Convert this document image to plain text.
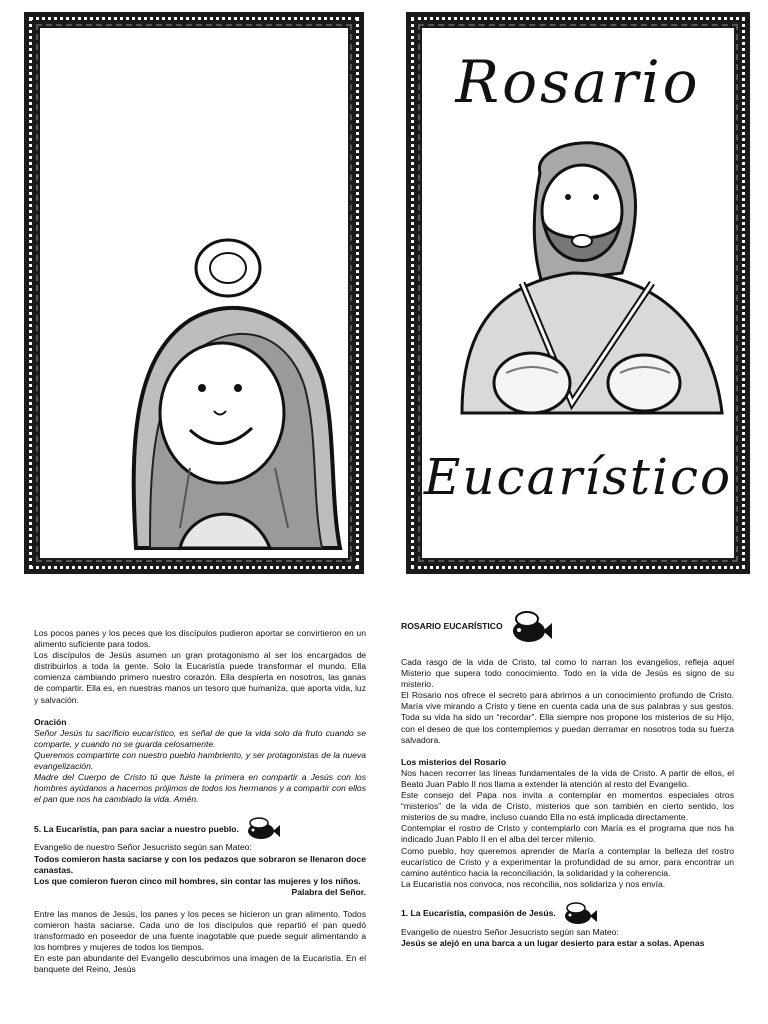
Rosario
Eucarístico

Los pocos panes y los peces que los discípulos pudieron aportar se convirtieron en un alimento suficiente para todos.

Los discípulos de Jesús asumen un gran protagonismo al ser los encargados de distribuirlos a toda la gente. Solo la Eucaristía puede transformar el mundo. Ella comienza cambiando primero nuestro corazón. Ella despierta en nosotros, las ganas de compartir. Ella es, en nuestras manos un tesoro que humaniza, que aporta vida, luz y salvación.

Oración

Señor Jesús tu sacrificio eucarístico, es señal de que la vida solo da fruto cuando se comparte, y cuando no se guarda celosamente.

Queremos compartirte con nuestro pueblo hambriento, y ser protagonistas de la nueva evangelización.

Madre del Cuerpo de Cristo tú que fuiste la primera en compartir a Jesús con los hombres ayúdanos a hacernos prójimos de todos los hermanos y a compartir con ellos el pan que nos ha cambiado la vida. Amén.

5. La Eucaristía, pan para saciar a nuestro pueblo.

Evangelio de nuestro Señor Jesucristo según san Mateo:

Todos comieron hasta saciarse y con los pedazos que sobraron se llenaron doce canastas.

Los que comieron fueron cinco mil hombres, sin contar las mujeres y los niños.

Palabra del Señor.

Entre las manos de Jesús, los panes y los peces se hicieron un gran alimento. Todos comieron hasta saciarse. Cada uno de los discípulos que repartió el pan quedó transformado en poseedor de una fuente inagotable que puede seguir alimentando a los hombres y mujeres de todos los tiempos.

En este pan abundante del Evangelio descubrimos una imagen de la Eucaristía. En el banquete del Reino, Jesús

ROSARIO EUCARÍSTICO

Cada rasgo de la vida de Cristo, tal como lo narran los evangelios, refleja aquel Misterio que supera todo conocimiento. Todo en la vida de Jesús es signo de su misterio.

El Rosario nos ofrece el secreto para abrirnos a un conocimiento profundo de Cristo. María vive mirando a Cristo y tiene en cuenta cada una de sus palabras y sus gestos. Toda su vida ha sido un “recordar”. Ella siempre nos propone los misterios de su Hijo, con el deseo de que los contemplemos y puedan derramar en nosotros toda su fuerza salvadora.

Los misterios del Rosario

Nos hacen recorrer las líneas fundamentales de la vida de Cristo. A partir de ellos, el Beato Juan Pablo II nos llama a extender la atención al resto del Evangelio.

Este consejo del Papa nos invita a contemplar en momentos especiales otros “misterios” de la vida de Cristo, misterios que son también en cierto sentido, los misterios de su madre, incluso cuando Ella no está implicada directamente.

Contemplar el rostro de Cristo y contemplarlo con María es el programa que nos ha indicado Juan Pablo II en el alba del tercer milenio.

Como pueblo, hoy queremos aprender de María a contemplar la belleza del rostro eucarístico de Cristo y a experimentar la profundidad de su amor, para encontrar un camino auténtico hacia la reconciliación, la solidaridad y la coherencia.

La Eucaristía nos convoca, nos reconcilia, nos solidariza y nos envía.

1. La Eucaristía, compasión de Jesús.

Evangelio de nuestro Señor Jesucristo según san Mateo:

Jesús se alejó en una barca a un lugar desierto para estar a solas. Apenas
